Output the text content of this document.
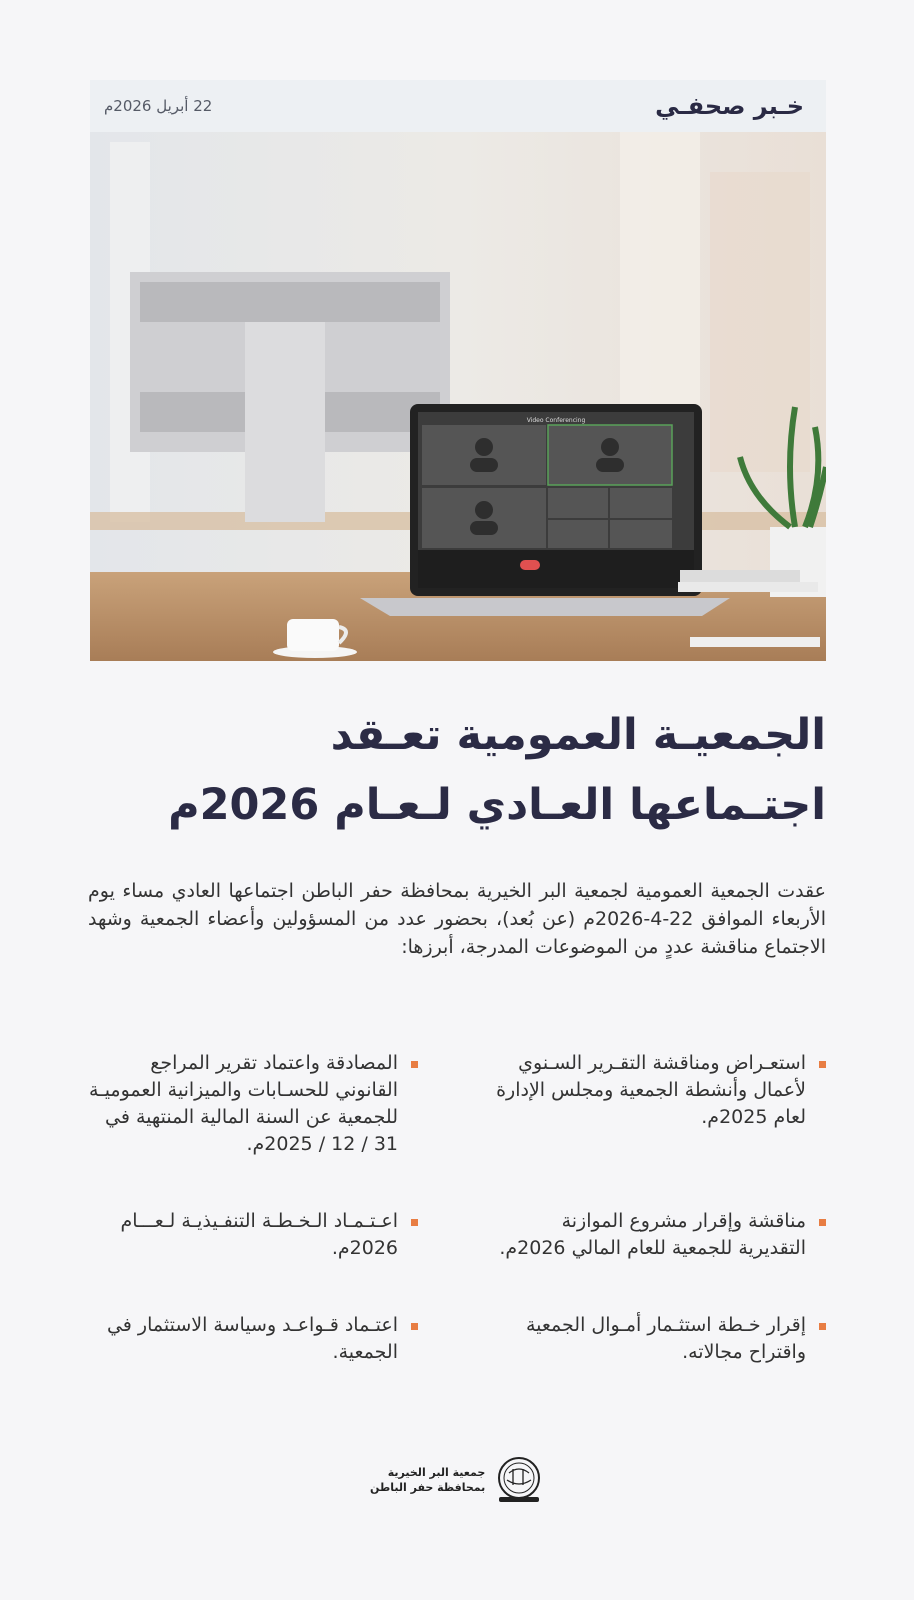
22 أبريل 2026م	خـبر صحفـي
Video Conferencing
الجمعيـة العمومية تعـقد
اجتـماعها العـادي لـعـام 2026م
عقدت الجمعية العمومية لجمعية البر الخيرية بمحافظة حفر الباطن اجتماعها العادي مساء يوم الأربعاء الموافق 22-4-2026م (عن بُعد)، بحضور عدد من المسؤولين وأعضاء الجمعية وشهد الاجتماع مناقشة عددٍ من الموضوعات المدرجة، أبرزها:
استعـراض ومناقشة التقـرير السـنوي لأعمال وأنشطة الجمعية ومجلس الإدارة لعام 2025م.
المصادقة واعتماد تقرير المراجع القانوني للحسـابات والميزانية العموميـة للجمعية عن السنة المالية المنتهية في 31 / 12 / 2025م.
مناقشة وإقرار مشروع الموازنة التقديرية للجمعية للعام المالي 2026م.
اعـتـمـاد الـخـطـة التنفـيذيـة لـعـــام 2026م.
إقرار خـطة استثـمار أمـوال الجمعية واقتراح مجالاته.
اعتـماد قـواعـد وسياسة الاستثمار في الجمعية.
جمعية البر الخيرية
بمحافظة حفر الباطن
